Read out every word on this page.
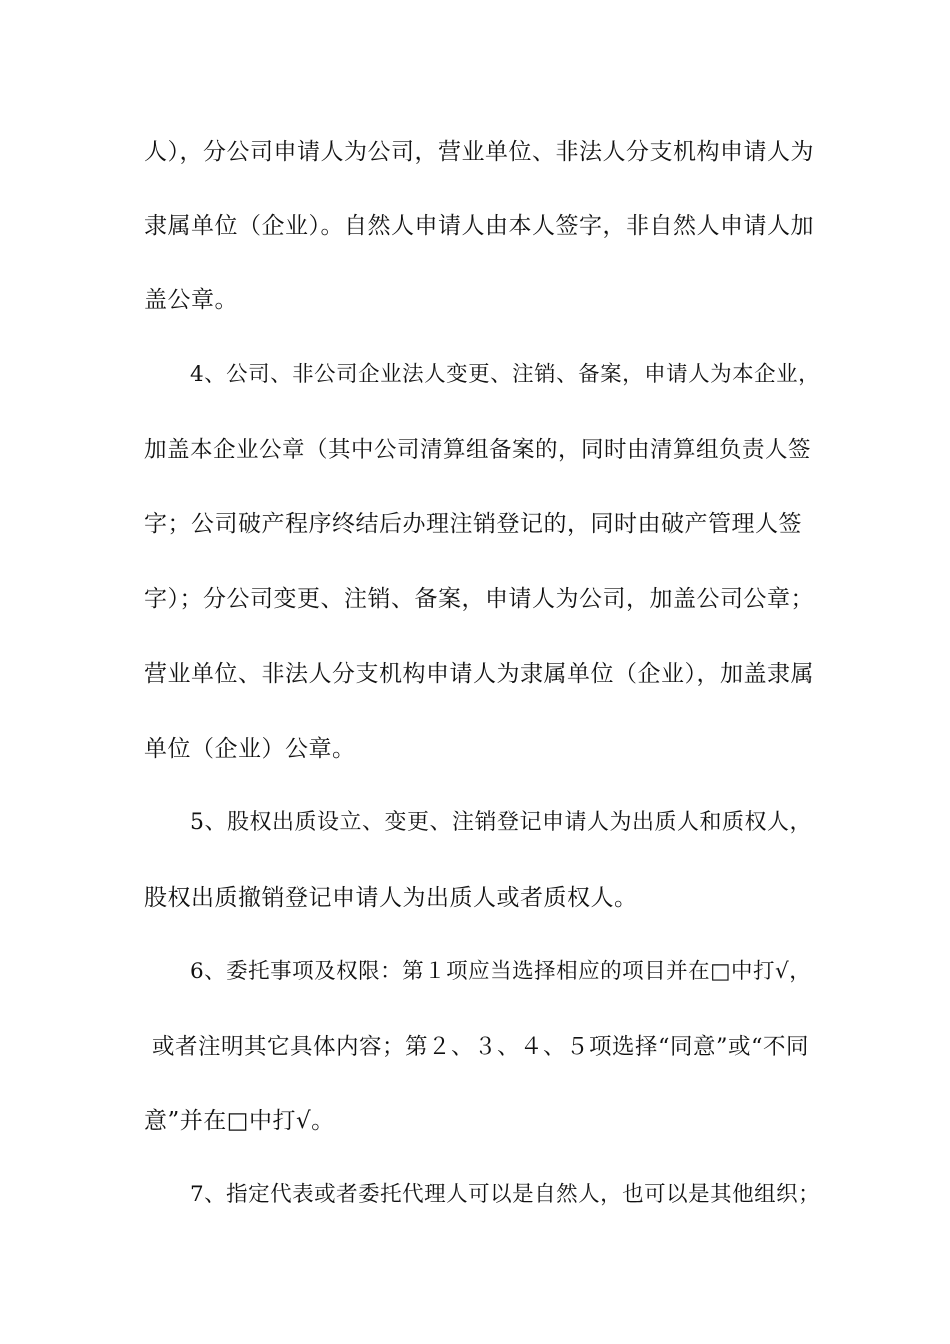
人），分公司申请人为公司，营业单位、非法人分支机构申请人为
隶属单位（企业）。自然人申请人由本人签字，非自然人申请人加
盖公章。
4、公司、非公司企业法人变更、注销、备案，申请人为本企业，
加盖本企业公章（其中公司清算组备案的，同时由清算组负责人签
字；公司破产程序终结后办理注销登记的，同时由破产管理人签
字）；分公司变更、注销、备案，申请人为公司，加盖公司公章；
营业单位、非法人分支机构申请人为隶属单位（企业），加盖隶属
单位（企业）公章。
5、股权出质设立、变更、注销登记申请人为出质人和质权人，
股权出质撤销登记申请人为出质人或者质权人。
6、委托事项及权限：第１项应当选择相应的项目并在□中打√，
或者注明其它具体内容；第２、３、４、５项选择“同意”或“不同
意”并在□中打√。
7、指定代表或者委托代理人可以是自然人，也可以是其他组织；
